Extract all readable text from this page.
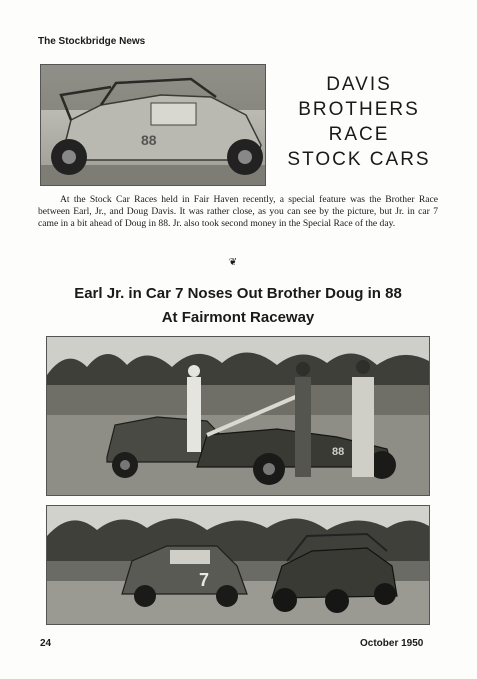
The Stockbridge News
88
DAVIS
BROTHERS
RACE
STOCK CARS
At the Stock Car Races held in Fair Haven recently, a special feature was the Brother Race between Earl, Jr., and Doug Davis. It was rather close, as you can see by the picture, but Jr. in car 7 came in a bit ahead of Doug in 88. Jr. also took second money in the Special Race of the day.
❦
Earl Jr. in Car 7 Noses Out Brother Doug in 88
At Fairmont Raceway
88
7
24	October 1950
